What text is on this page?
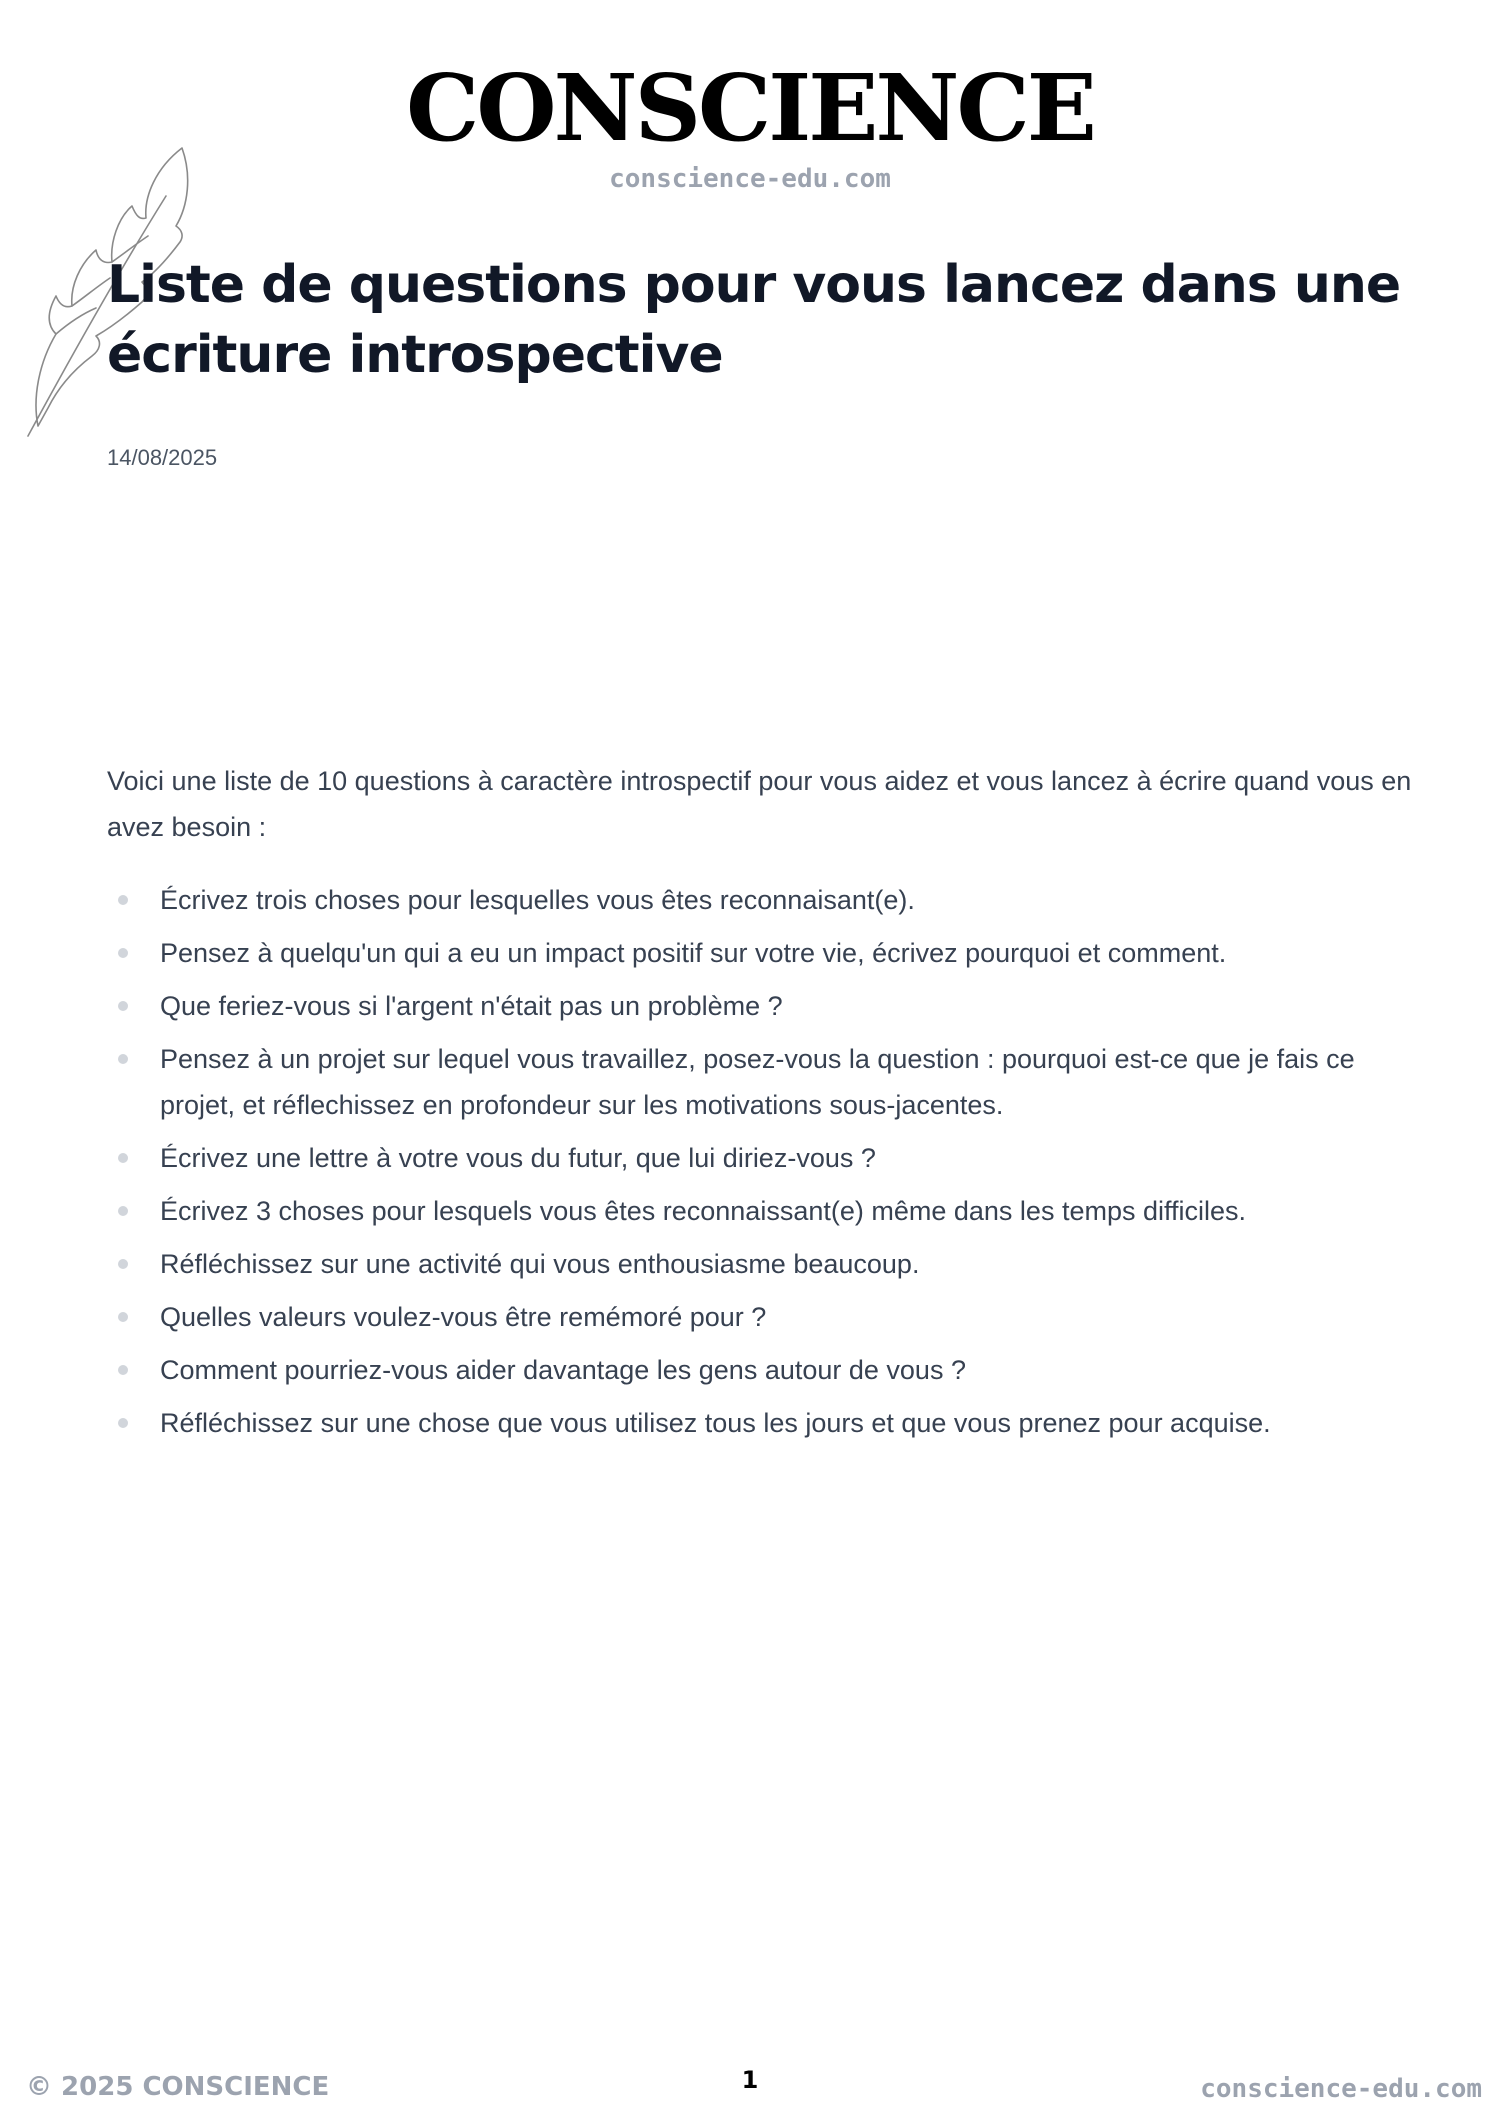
CONSCIENCE
conscience-edu.com
Liste de questions pour vous lancez dans une écriture introspective
14/08/2025

Voici une liste de 10 questions à caractère introspectif pour vous aidez et vous lancez à écrire quand vous en avez besoin :

Écrivez trois choses pour lesquelles vous êtes reconnaisant(e).
Pensez à quelqu'un qui a eu un impact positif sur votre vie, écrivez pourquoi et comment.
Que feriez-vous si l'argent n'était pas un problème ?
Pensez à un projet sur lequel vous travaillez, posez-vous la question : pourquoi est-ce que je fais ce projet, et réflechissez en profondeur sur les motivations sous-jacentes.
Écrivez une lettre à votre vous du futur, que lui diriez-vous ?
Écrivez 3 choses pour lesquels vous êtes reconnaissant(e) même dans les temps difficiles.
Réfléchissez sur une activité qui vous enthousiasme beaucoup.
Quelles valeurs voulez-vous être remémoré pour ?
Comment pourriez-vous aider davantage les gens autour de vous ?
Réfléchissez sur une chose que vous utilisez tous les jours et que vous prenez pour acquise.
© 2025 CONSCIENCE	1	conscience-edu.com
